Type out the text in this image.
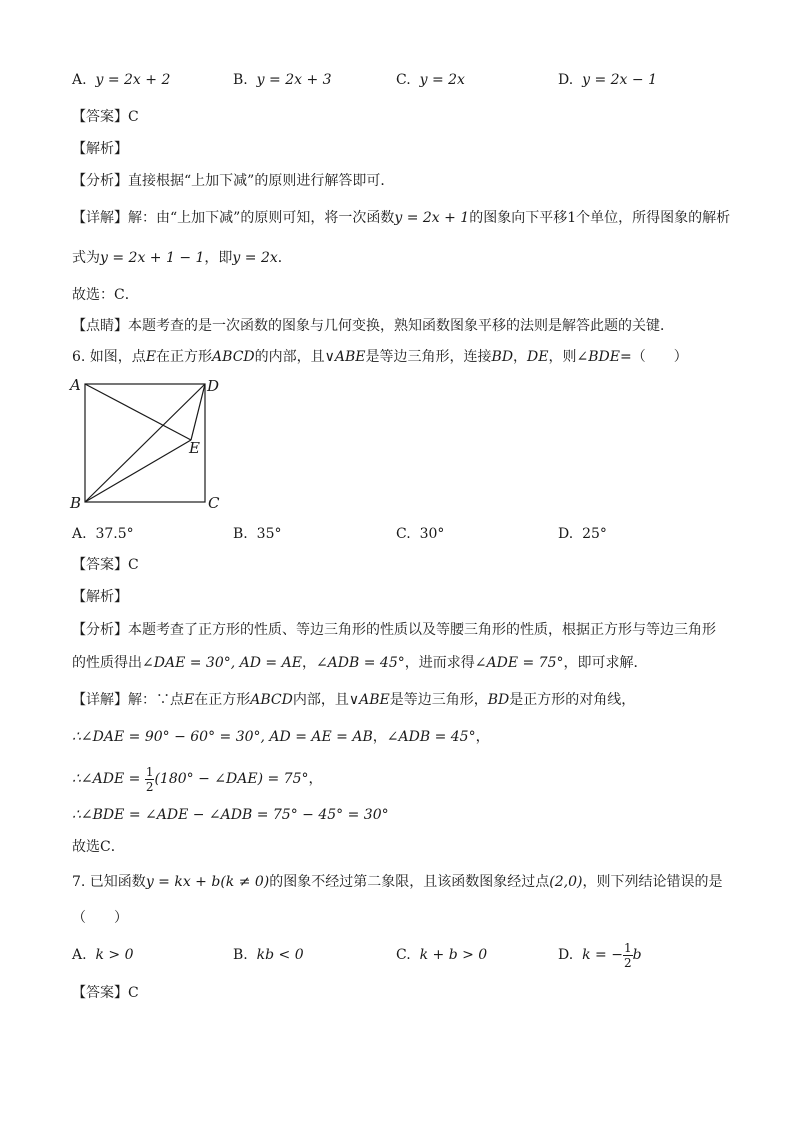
A. y = 2x + 2	B. y = 2x + 3	C. y = 2x	D. y = 2x − 1
【答案】C
【解析】
【分析】直接根据“上加下减”的原则进行解答即可．
【详解】解：由“上加下减”的原则可知，将一次函数y = 2x + 1的图象向下平移1个单位，所得图象的解析
式为y = 2x + 1 − 1，即y = 2x．
故选：C．
【点睛】本题考查的是一次函数的图象与几何变换，熟知函数图象平移的法则是解答此题的关键．
6. 如图，点E在正方形ABCD的内部，且∨ABE是等边三角形，连接BD，DE，则∠BDE=（　　）
A	D
E
B	C
A. 37.5°	B. 35°	C. 30°	D. 25°
【答案】C
【解析】
【分析】本题考查了正方形的性质、等边三角形的性质以及等腰三角形的性质，根据正方形与等边三角形
的性质得出∠DAE = 30°, AD = AE，∠ADB = 45°，进而求得∠ADE = 75°，即可求解．
【详解】解：∵点E在正方形ABCD内部，且∨ABE是等边三角形，BD是正方形的对角线，
∴∠DAE = 90° − 60° = 30°, AD = AE = AB，∠ADB = 45°，
∴∠ADE = $\frac{1}{2} (180^\circ$ − ∠DAE) = 75°，
∴∠BDE = ∠ADE − ∠ADB = 75° − 45° = 30°
故选C．
7. 已知函数y = kx + b(k ≠ 0)的图象不经过第二象限，且该函数图象经过点(2,0)，则下列结论错误的是
（　　）
A. k > 0	B. kb < 0	C. k + b > 0	D. k = − $\frac{1}{2}$ b
【答案】C
